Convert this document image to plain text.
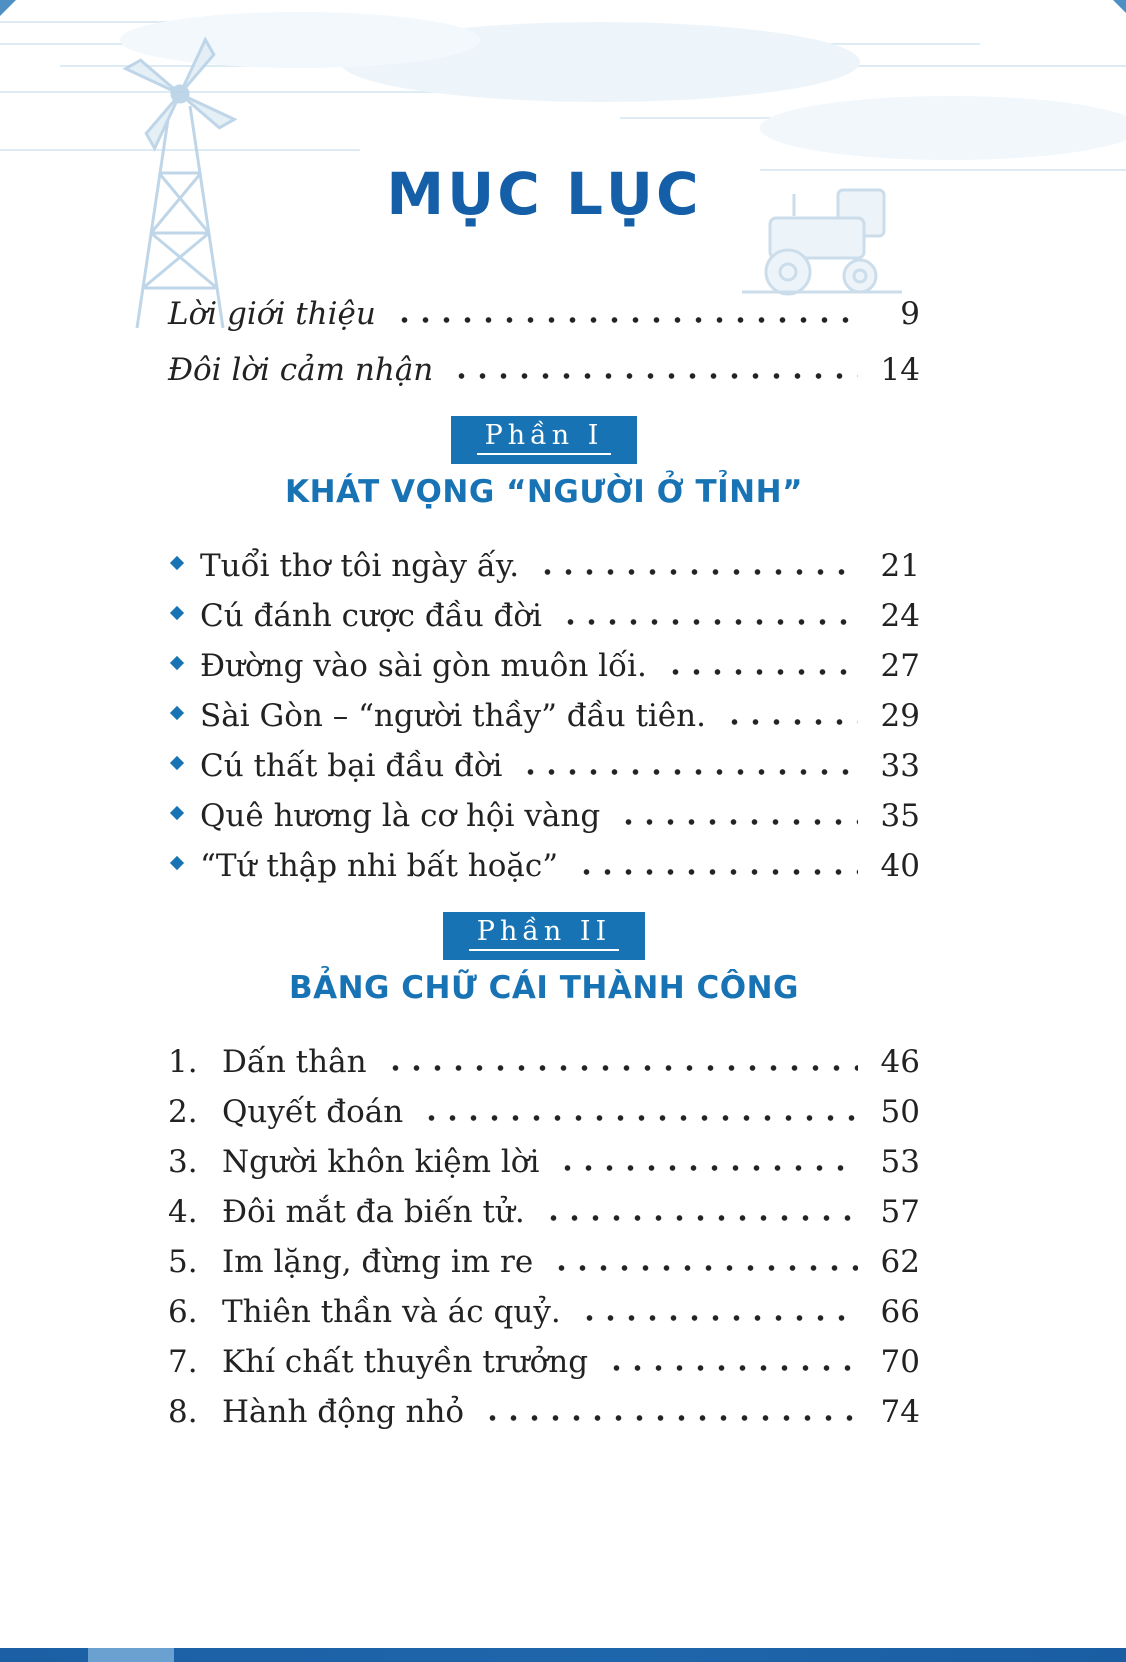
MỤC LỤC
Lời giới thiệu	9
Đôi lời cảm nhận	14
Phần I
KHÁT VỌNG “NGƯỜI Ở TỈNH”
Tuổi thơ tôi ngày ấy.	21
Cú đánh cược đầu đời	24
Đường vào sài gòn muôn lối.	27
Sài Gòn – “người thầy” đầu tiên.	29
Cú thất bại đầu đời	33
Quê hương là cơ hội vàng	35
“Tứ thập nhi bất hoặc”	40
Phần II
BẢNG CHỮ CÁI THÀNH CÔNG
1. Dấn thân	46
2. Quyết đoán	50
3. Người khôn kiệm lời	53
4. Đôi mắt đa biến tử.	57
5. Im lặng, đừng im re	62
6. Thiên thần và ác quỷ.	66
7. Khí chất thuyền trưởng	70
8. Hành động nhỏ	74
